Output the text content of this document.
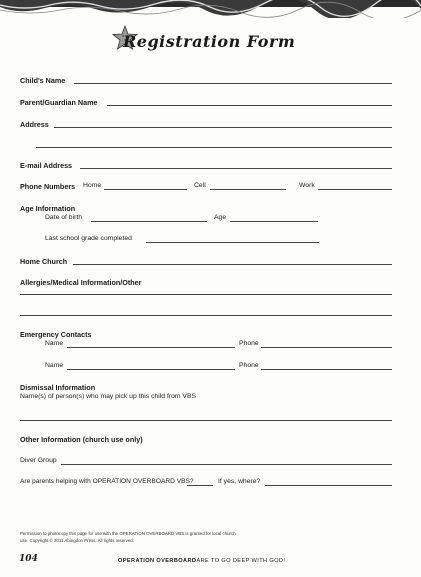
Registration Form
Child's Name
Parent/Guardian Name
Address
E-mail Address
Phone Numbers Home	Cell	Work
Age Information
Date of birth	Age
Last school grade completed
Home Church
Allergies/Medical Information/Other
Emergency Contacts
Name	Phone
Name	Phone
Dismissal Information
Name(s) of person(s) who may pick up this child from VBS
Other Information (church use only)
Diver Group
Are parents helping with OPERATION OVERBOARD VBS?	If yes, where?
Permission to photocopy this page for use with the OPERATION OVERBOARD VBS is granted for local church
use. Copyright © 2011 Abingdon Press. All rights reserved.
104	OPERATION OVERBOARD
DARE TO GO DEEP WITH GOD!
